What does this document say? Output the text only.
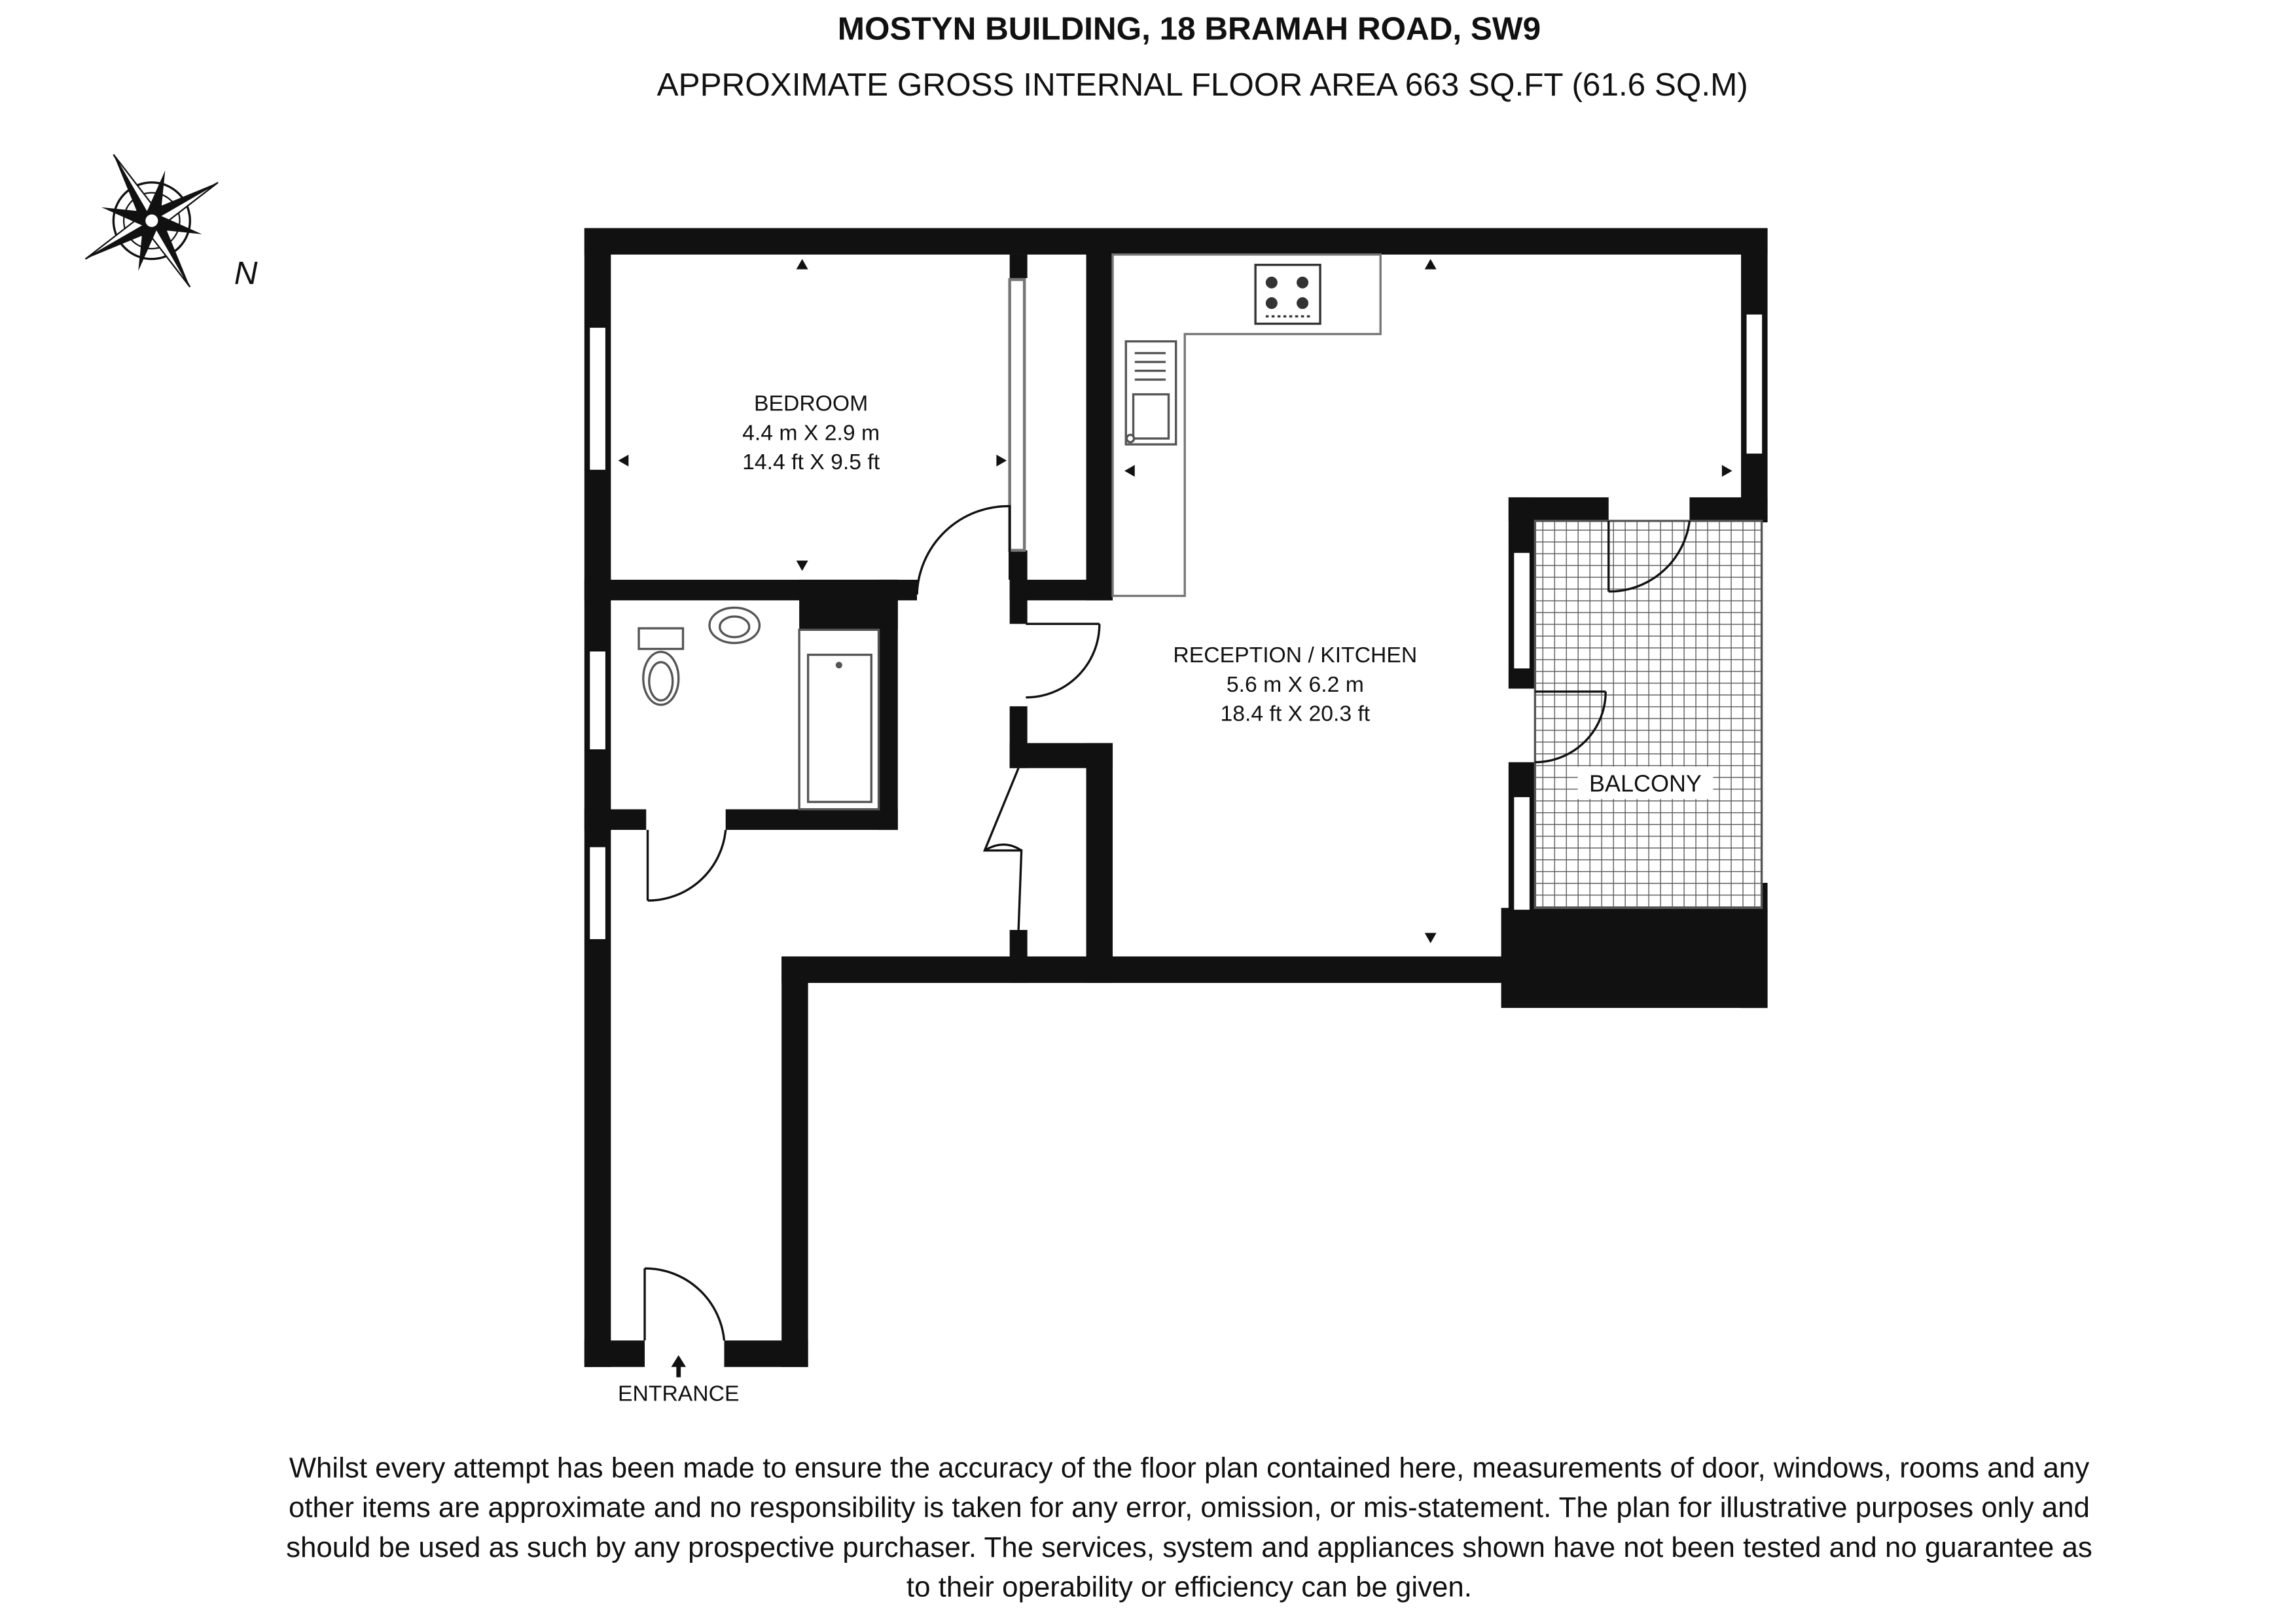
MOSTYN BUILDING, 18 BRAMAH ROAD, SW9
APPROXIMATE GROSS INTERNAL FLOOR AREA 663 SQ.FT (61.6 SQ.M)
N
BALCONY
BEDROOM
4.4 m X 2.9 m
14.4 ft X 9.5 ft
RECEPTION / KITCHEN
5.6 m X 6.2 m
18.4 ft X 20.3 ft
ENTRANCE
Whilst every attempt has been made to ensure the accuracy of the floor plan contained here, measurements of door, windows, rooms and any
other items are approximate and no responsibility is taken for any error, omission, or mis-statement. The plan for illustrative purposes only and
should be used as such by any prospective purchaser. The services, system and appliances shown have not been tested and no guarantee as
to their operability or efficiency can be given.
